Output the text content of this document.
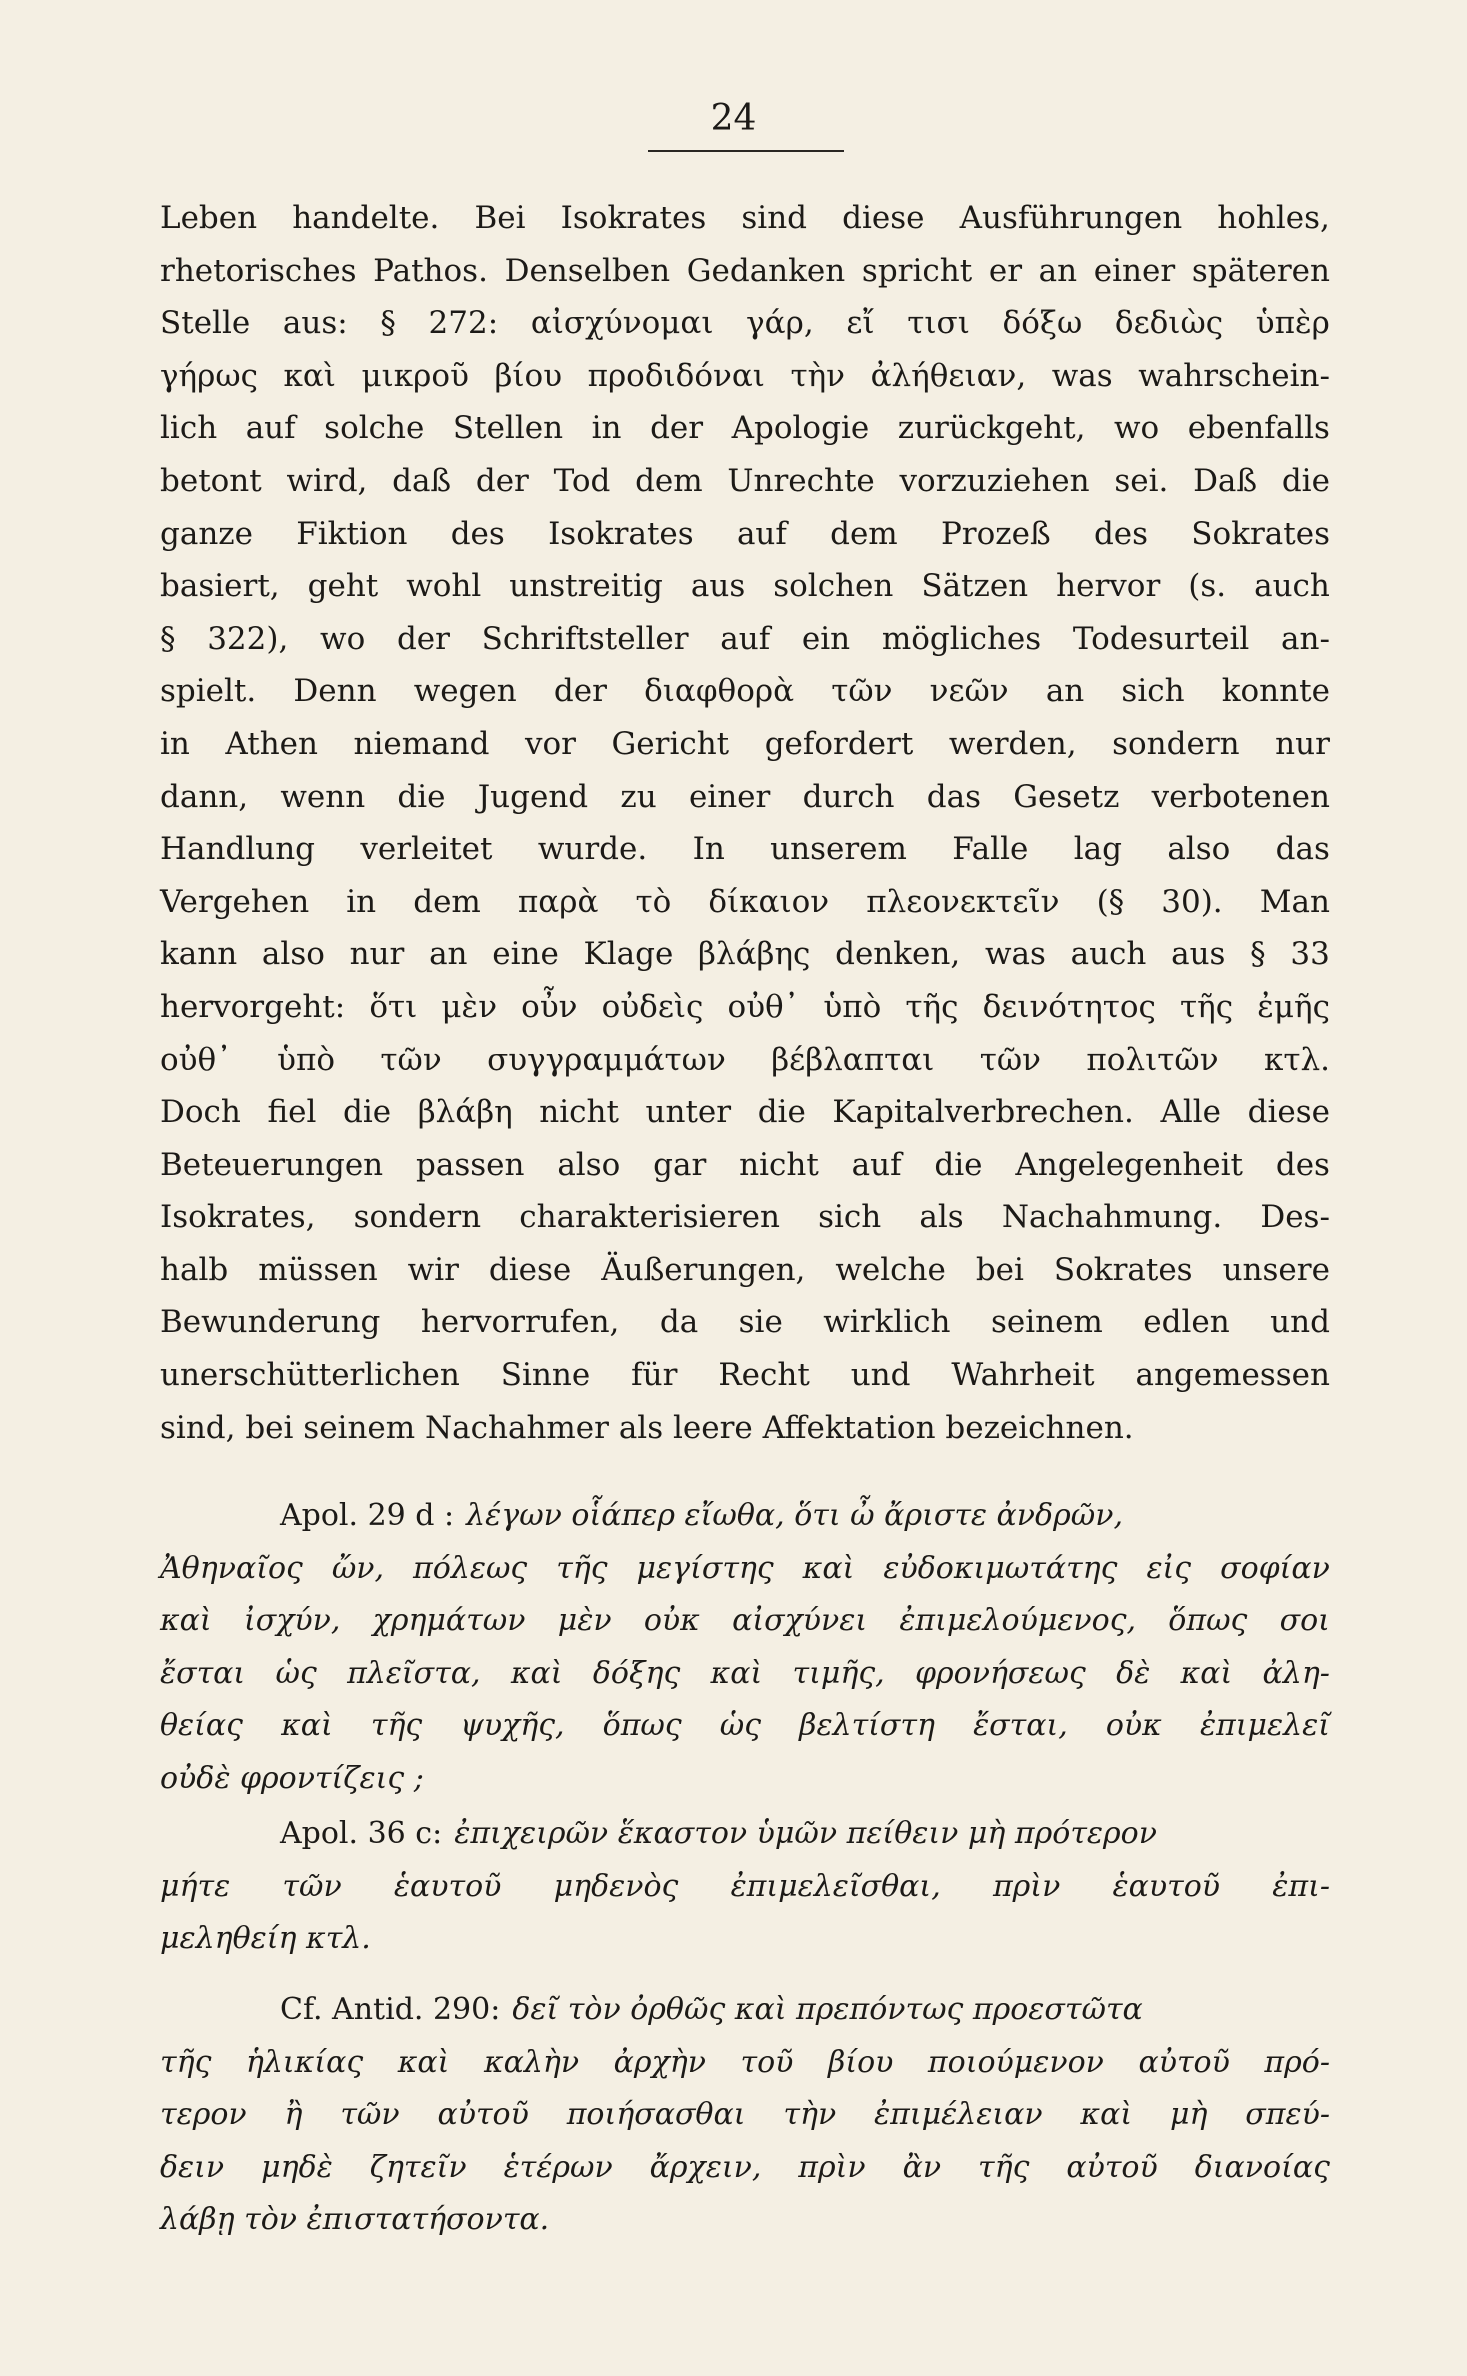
24
Leben handelte. Bei Isokrates sind diese Ausführungen hohles,
rhetorisches Pathos. Denselben Gedanken spricht er an einer späteren
Stelle aus: § 272: αἰσχύνομαι γάρ, εἴ τισι δόξω δεδιὼς ὑπὲρ
γήρως καὶ μικροῦ βίου προδιδόναι τὴν ἀλήθειαν, was wahrschein-
lich auf solche Stellen in der Apologie zurückgeht, wo ebenfalls
betont wird, daß der Tod dem Unrechte vorzuziehen sei. Daß die
ganze Fiktion des Isokrates auf dem Prozeß des Sokrates
basiert, geht wohl unstreitig aus solchen Sätzen hervor (s. auch
§ 322), wo der Schriftsteller auf ein mögliches Todesurteil an-
spielt. Denn wegen der διαφθορὰ τῶν νεῶν an sich konnte
in Athen niemand vor Gericht gefordert werden, sondern nur
dann, wenn die Jugend zu einer durch das Gesetz verbotenen
Handlung verleitet wurde. In unserem Falle lag also das
Vergehen in dem παρὰ τὸ δίκαιον πλεονεκτεῖν (§ 30). Man
kann also nur an eine Klage βλάβης denken, was auch aus § 33
hervorgeht: ὅτι μὲν οὖν οὐδεὶς οὐθ᾽ ὑπὸ τῆς δεινότητος τῆς ἐμῆς
οὐθ᾽ ὑπὸ τῶν συγγραμμάτων βέβλαπται τῶν πολιτῶν κτλ.
Doch fiel die βλάβη nicht unter die Kapitalverbrechen. Alle diese
Beteuerungen passen also gar nicht auf die Angelegenheit des
Isokrates, sondern charakterisieren sich als Nachahmung. Des-
halb müssen wir diese Äußerungen, welche bei Sokrates unsere
Bewunderung hervorrufen, da sie wirklich seinem edlen und
unerschütterlichen Sinne für Recht und Wahrheit angemessen
sind, bei seinem Nachahmer als leere Affektation bezeichnen.
Apol. 29 d : λέγων οἷάπερ εἴωθα, ὅτι ὦ ἄριστε ἀνδρῶν,
Ἀθηναῖος ὤν, πόλεως τῆς μεγίστης καὶ εὐδοκιμωτάτης εἰς σοφίαν
καὶ ἰσχύν, χρημάτων μὲν οὐκ αἰσχύνει ἐπιμελούμενος, ὅπως σοι
ἔσται ὡς πλεῖστα, καὶ δόξης καὶ τιμῆς, φρονήσεως δὲ καὶ ἀλη-
θείας καὶ τῆς ψυχῆς, ὅπως ὡς βελτίστη ἔσται, οὐκ ἐπιμελεῖ
οὐδὲ φροντίζεις ;
Apol. 36 c: ἐπιχειρῶν ἕκαστον ὑμῶν πείθειν μὴ πρότερον
μήτε τῶν ἑαυτοῦ μηδενὸς ἐπιμελεῖσθαι, πρὶν ἑαυτοῦ ἐπι-
μεληθείη κτλ.
Cf. Antid. 290: δεῖ τὸν ὀρθῶς καὶ πρεπόντως προεστῶτα
τῆς ἡλικίας καὶ καλὴν ἀρχὴν τοῦ βίου ποιούμενον αὐτοῦ πρό-
τερον ἢ τῶν αὐτοῦ ποιήσασθαι τὴν ἐπιμέλειαν καὶ μὴ σπεύ-
δειν μηδὲ ζητεῖν ἑτέρων ἄρχειν, πρὶν ἂν τῆς αὐτοῦ διανοίας
λάβῃ τὸν ἐπιστατήσοντα.
